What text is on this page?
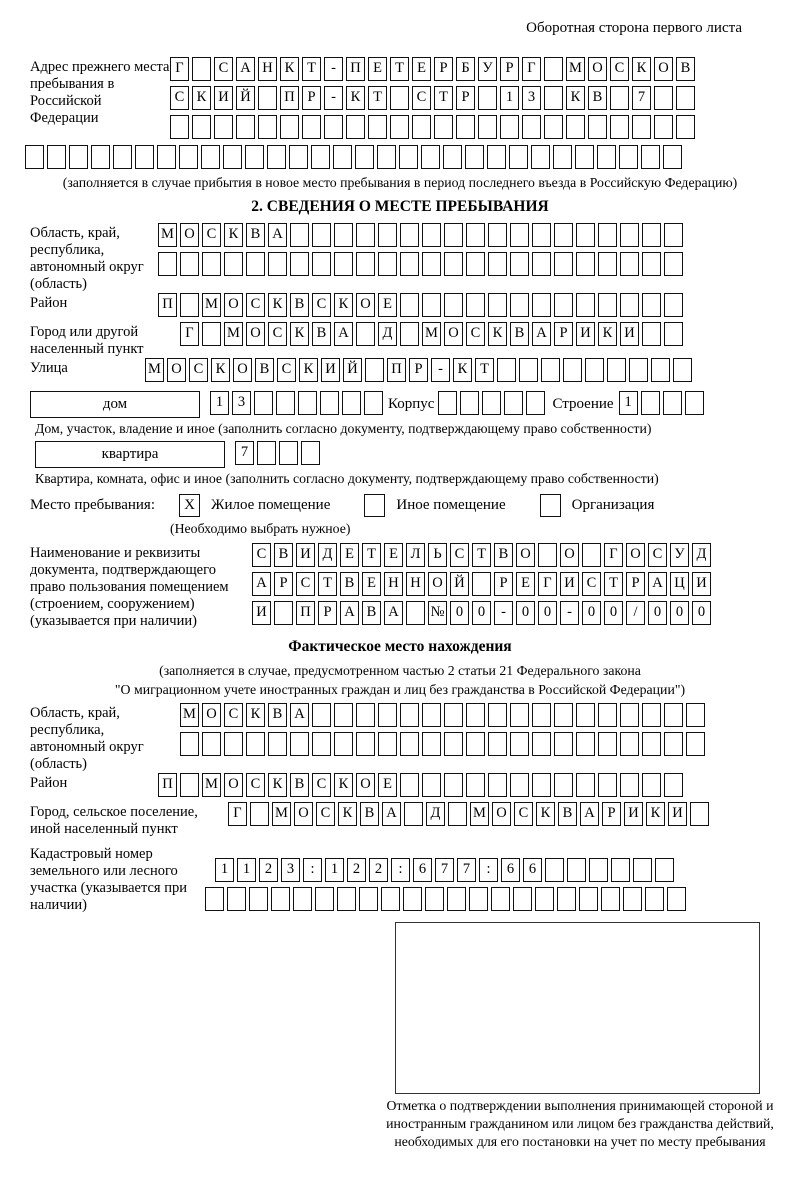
Оборотная сторона первого листа
Адрес прежнего места пребывания в Российской Федерации
Г С А Н К Т - П Е Т Е Р Б У Р Г М О С К О В
С К И Й П Р - К Т С Т Р	1 3 К В 7
(заполняется в случае прибытия в новое место пребывания в период последнего въезда в Российскую Федерацию)
2. СВЕДЕНИЯ О МЕСТЕ ПРЕБЫВАНИЯ
Область, край, республика, автономный округ (область)
М О С К В А
Район	П М О С К В С К О Е
Город или другой населенный пункт
Г М О С К В А Д М О С К В А Р И К И
Улица	М О С К О В С К И Й П Р - К Т
дом	1 3	Корпус	Строение 1
Дом, участок, владение и иное (заполнить согласно документу, подтверждающему право собственности)
квартира	7
Квартира, комната, офис и иное (заполнить согласно документу, подтверждающему право собственности)
Место пребывания:	X	Жилое помещение	Иное помещение	Организация
(Необходимо выбрать нужное)
Наименование и реквизиты документа, подтверждающего право пользования помещением (строением, сооружением) (указывается при наличии)
С В И Д Е Т Е Л Ь С Т В О О Г О С У Д
А Р С Т В Е Н Н О Й Р Е Г И С Т Р А Ц И
И П Р А В А № 0 0 - 0 0 - 0 0 / 0 0 0
Фактическое место нахождения
(заполняется в случае, предусмотренном частью 2 статьи 21 Федерального закона
"О миграционном учете иностранных граждан и лиц без гражданства в Российской Федерации")
Область, край, республика, автономный округ (область)
М О С К В А
Район	П М О С К В С К О Е
Город, сельское поселение, иной населенный пункт
Г М О С К В А Д М О С К В А Р И К И
Кадастровый номер земельного или лесного участка (указывается при наличии)
1 1 2 3 : 1 2 2 : 6 7 7 : 6 6
Отметка о подтверждении выполнения принимающей стороной и иностранным гражданином или лицом без гражданства действий, необходимых для его постановки на учет по месту пребывания
